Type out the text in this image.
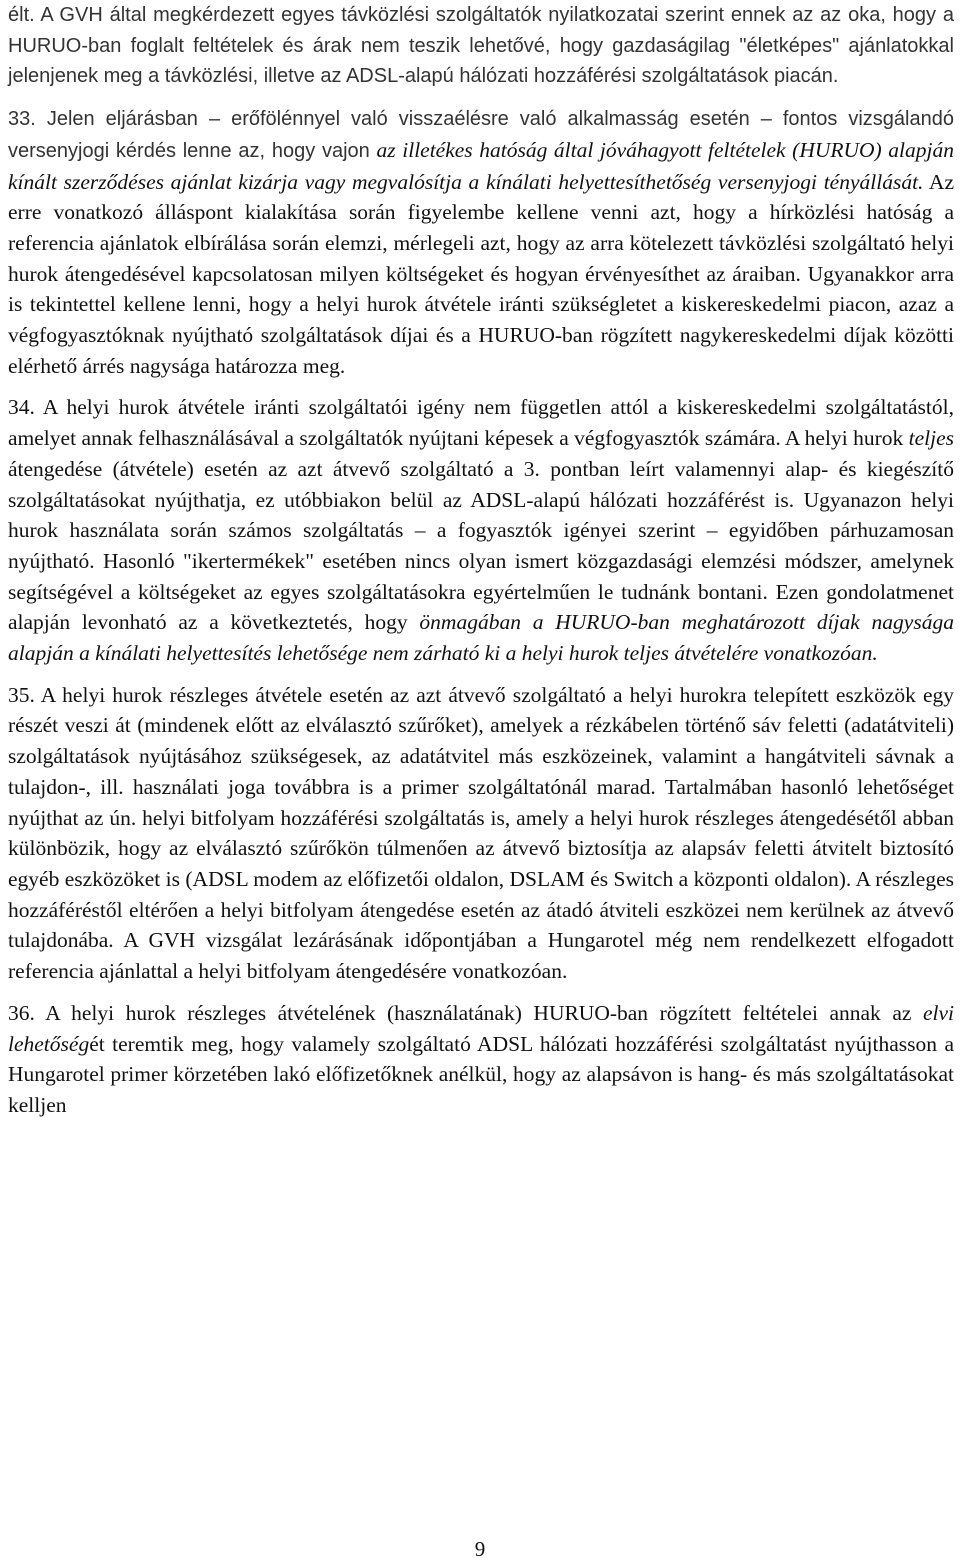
élt. A GVH által megkérdezett egyes távközlési szolgáltatók nyilatkozatai szerint ennek az az oka, hogy a HURUO-ban foglalt feltételek és árak nem teszik lehetővé, hogy gazdaságilag "életképes" ajánlatokkal jelenjenek meg a távközlési, illetve az ADSL-alapú hálózati hozzáférési szolgáltatások piacán.

33. Jelen eljárásban – erőfölénnyel való visszaélésre való alkalmasság esetén – fontos vizsgálandó versenyjogi kérdés lenne az, hogy vajon az illetékes hatóság által jóváhagyott feltételek (HURUO) alapján kínált szerződéses ajánlat kizárja vagy megvalósítja a kínálati helyettesíthetőség versenyjogi tényállását. Az erre vonatkozó álláspont kialakítása során figyelembe kellene venni azt, hogy a hírközlési hatóság a referencia ajánlatok elbírálása során elemzi, mérlegeli azt, hogy az arra kötelezett távközlési szolgáltató helyi hurok átengedésével kapcsolatosan milyen költségeket és hogyan érvényesíthet az áraiban. Ugyanakkor arra is tekintettel kellene lenni, hogy a helyi hurok átvétele iránti szükségletet a kiskereskedelmi piacon, azaz a végfogyasztóknak nyújtható szolgáltatások díjai és a HURUO-ban rögzített nagykereskedelmi díjak közötti elérhető árrés nagysága határozza meg.

34. A helyi hurok átvétele iránti szolgáltatói igény nem független attól a kiskereskedelmi szolgáltatástól, amelyet annak felhasználásával a szolgáltatók nyújtani képesek a végfogyasztók számára. A helyi hurok teljes átengedése (átvétele) esetén az azt átvevő szolgáltató a 3. pontban leírt valamennyi alap- és kiegészítő szolgáltatásokat nyújthatja, ez utóbbiakon belül az ADSL-alapú hálózati hozzáférést is. Ugyanazon helyi hurok használata során számos szolgáltatás – a fogyasztók igényei szerint – egyidőben párhuzamosan nyújtható. Hasonló "ikertermékek" esetében nincs olyan ismert közgazdasági elemzési módszer, amelynek segítségével a költségeket az egyes szolgáltatásokra egyértelműen le tudnánk bontani. Ezen gondolatmenet alapján levonható az a következtetés, hogy önmagában a HURUO-ban meghatározott díjak nagysága alapján a kínálati helyettesítés lehetősége nem zárható ki a helyi hurok teljes átvételére vonatkozóan.

35. A helyi hurok részleges átvétele esetén az azt átvevő szolgáltató a helyi hurokra telepített eszközök egy részét veszi át (mindenek előtt az elválasztó szűrőket), amelyek a rézkábelen történő sáv feletti (adatátviteli) szolgáltatások nyújtásához szükségesek, az adatátvitel más eszközeinek, valamint a hangátviteli sávnak a tulajdon-, ill. használati joga továbbra is a primer szolgáltatónál marad. Tartalmában hasonló lehetőséget nyújthat az ún. helyi bitfolyam hozzáférési szolgáltatás is, amely a helyi hurok részleges átengedésétől abban különbözik, hogy az elválasztó szűrőkön túlmenően az átvevő biztosítja az alapsáv feletti átvitelt biztosító egyéb eszközöket is (ADSL modem az előfizetői oldalon, DSLAM és Switch a központi oldalon). A részleges hozzáféréstől eltérően a helyi bitfolyam átengedése esetén az átadó átviteli eszközei nem kerülnek az átvevő tulajdonába. A GVH vizsgálat lezárásának időpontjában a Hungarotel még nem rendelkezett elfogadott referencia ajánlattal a helyi bitfolyam átengedésére vonatkozóan.

36. A helyi hurok részleges átvételének (használatának) HURUO-ban rögzített feltételei annak az elvi lehetőségét teremtik meg, hogy valamely szolgáltató ADSL hálózati hozzáférési szolgáltatást nyújthasson a Hungarotel primer körzetében lakó előfizetőknek anélkül, hogy az alapsávon is hang- és más szolgáltatásokat kelljen

9
